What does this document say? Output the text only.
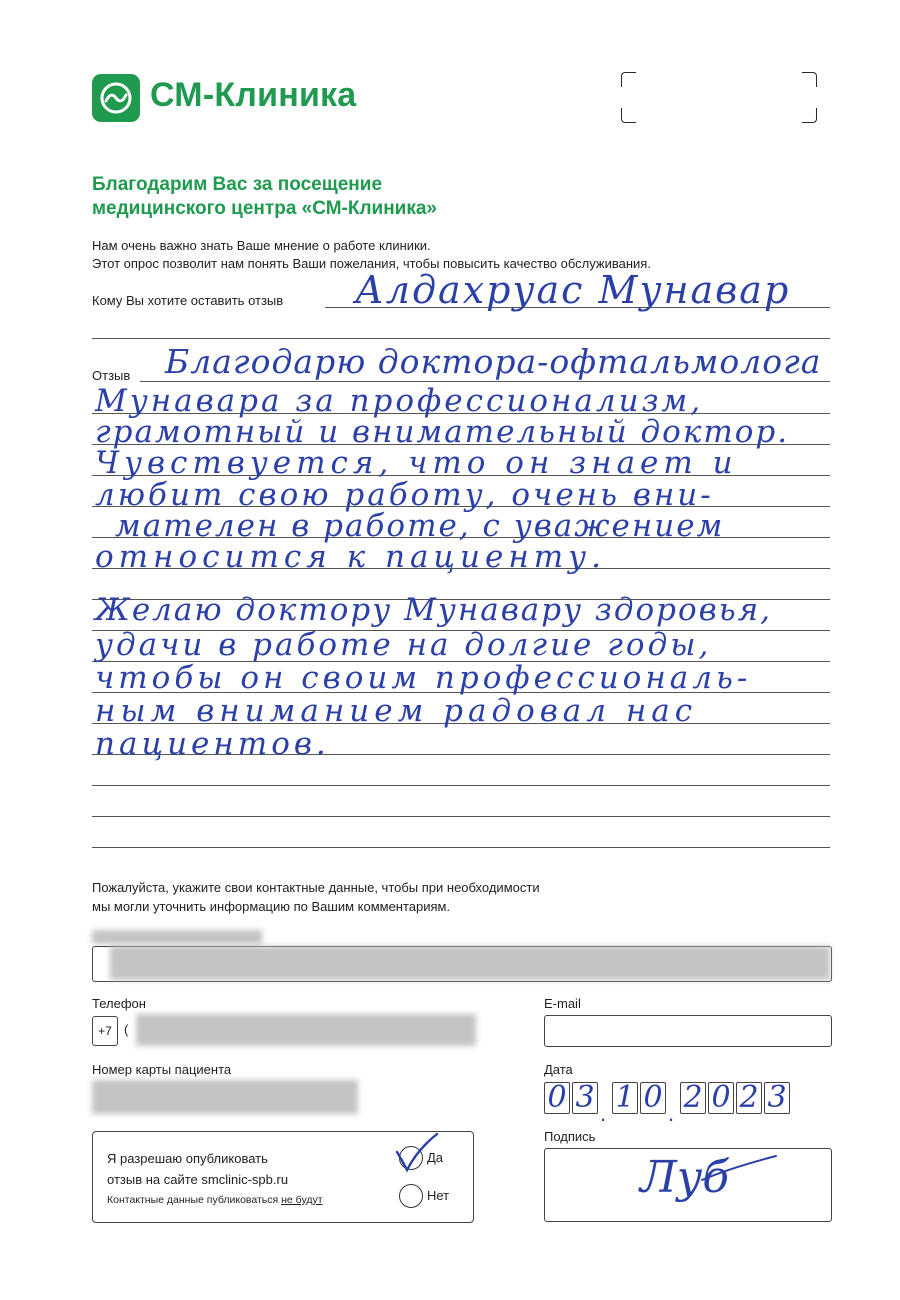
СМ-Клиника
Благодарим Вас за посещение
медицинского центра «СМ-Клиника»
Нам очень важно знать Ваше мнение о работе клиники.
Этот опрос позволит нам понять Ваши пожелания, чтобы повысить качество обслуживания.
Кому Вы хотите оставить отзыв Алдахруас Мунавар
Отзыв Благодарю доктора-офтальмолога
Мунавара за профессионализм,
грамотный и внимательный доктор.
Чувствуется, что он знает и
любит свою работу, очень вни-
мателен в работе, с уважением
относится к пациенту.
Желаю доктору Мунавару здоровья,
удачи в работе на долгие годы,
чтобы он своим профессиональ-
ным вниманием радовал нас
пациентов.
Пожалуйста, укажите свои контактные данные, чтобы при необходимости
мы могли уточнить информацию по Вашим комментариям.
Телефон
+7 (
E-mail
Номер карты пациента	Дата
0 3 . 1 0 . 2 0 2 3
Я разрешаю опубликовать
отзыв на сайте smclinic-spb.ru
Контактные данные публиковаться не будут
Да
Нет
Подпись
Луб
